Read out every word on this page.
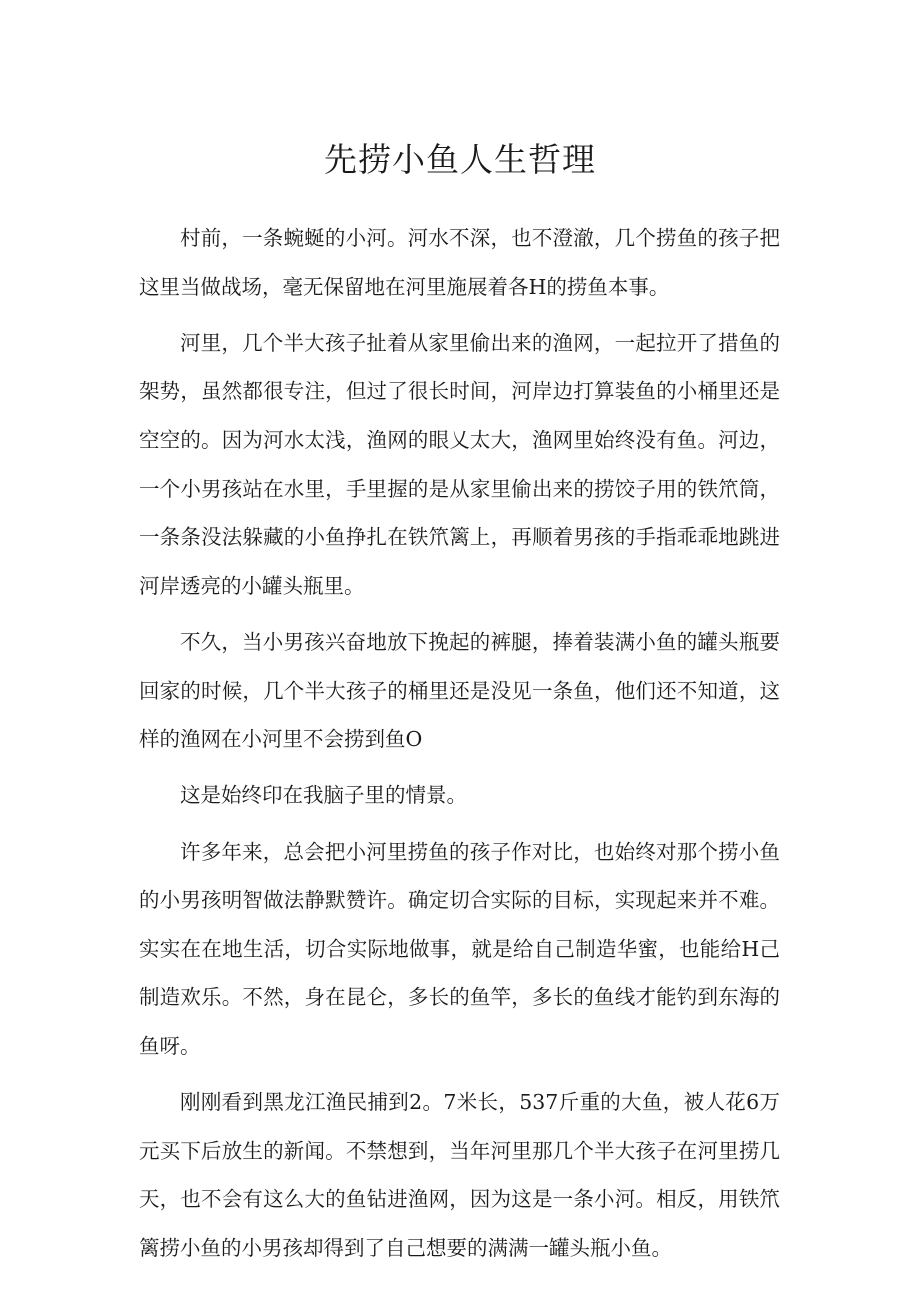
先捞小鱼人生哲理

村前，一条蜿蜒的小河。河水不深，也不澄澈，几个捞鱼的孩子把这里当做战场，毫无保留地在河里施展着各H的捞鱼本事。

河里，几个半大孩子扯着从家里偷出来的渔网，一起拉开了措鱼的架势，虽然都很专注，但过了很长时间，河岸边打算装鱼的小桶里还是空空的。因为河水太浅，渔网的眼乂太大，渔网里始终没有鱼。河边，一个小男孩站在水里，手里握的是从家里偷出来的捞饺子用的铁笊筒，一条条没法躲藏的小鱼挣扎在铁笊篱上，再顺着男孩的手指乖乖地跳进河岸透亮的小罐头瓶里。

不久，当小男孩兴奋地放下挽起的裤腿，捧着装满小鱼的罐头瓶要回家的时候，几个半大孩子的桶里还是没见一条鱼，他们还不知道，这样的渔网在小河里不会捞到鱼O

这是始终印在我脑子里的情景。

许多年来，总会把小河里捞鱼的孩子作对比，也始终对那个捞小鱼的小男孩明智做法静默赞许。确定切合实际的目标，实现起来并不难。实实在在地生活，切合实际地做事，就是给自己制造华蜜，也能给H己制造欢乐。不然，身在昆仑，多长的鱼竿，多长的鱼线才能钓到东海的鱼呀。

刚刚看到黑龙江渔民捕到2。7米长，537斤重的大鱼，被人花6万元买下后放生的新闻。不禁想到，当年河里那几个半大孩子在河里捞几天，也不会有这么大的鱼钻进渔网，因为这是一条小河。相反，用铁笊篱捞小鱼的小男孩却得到了自己想要的满满一罐头瓶小鱼。
